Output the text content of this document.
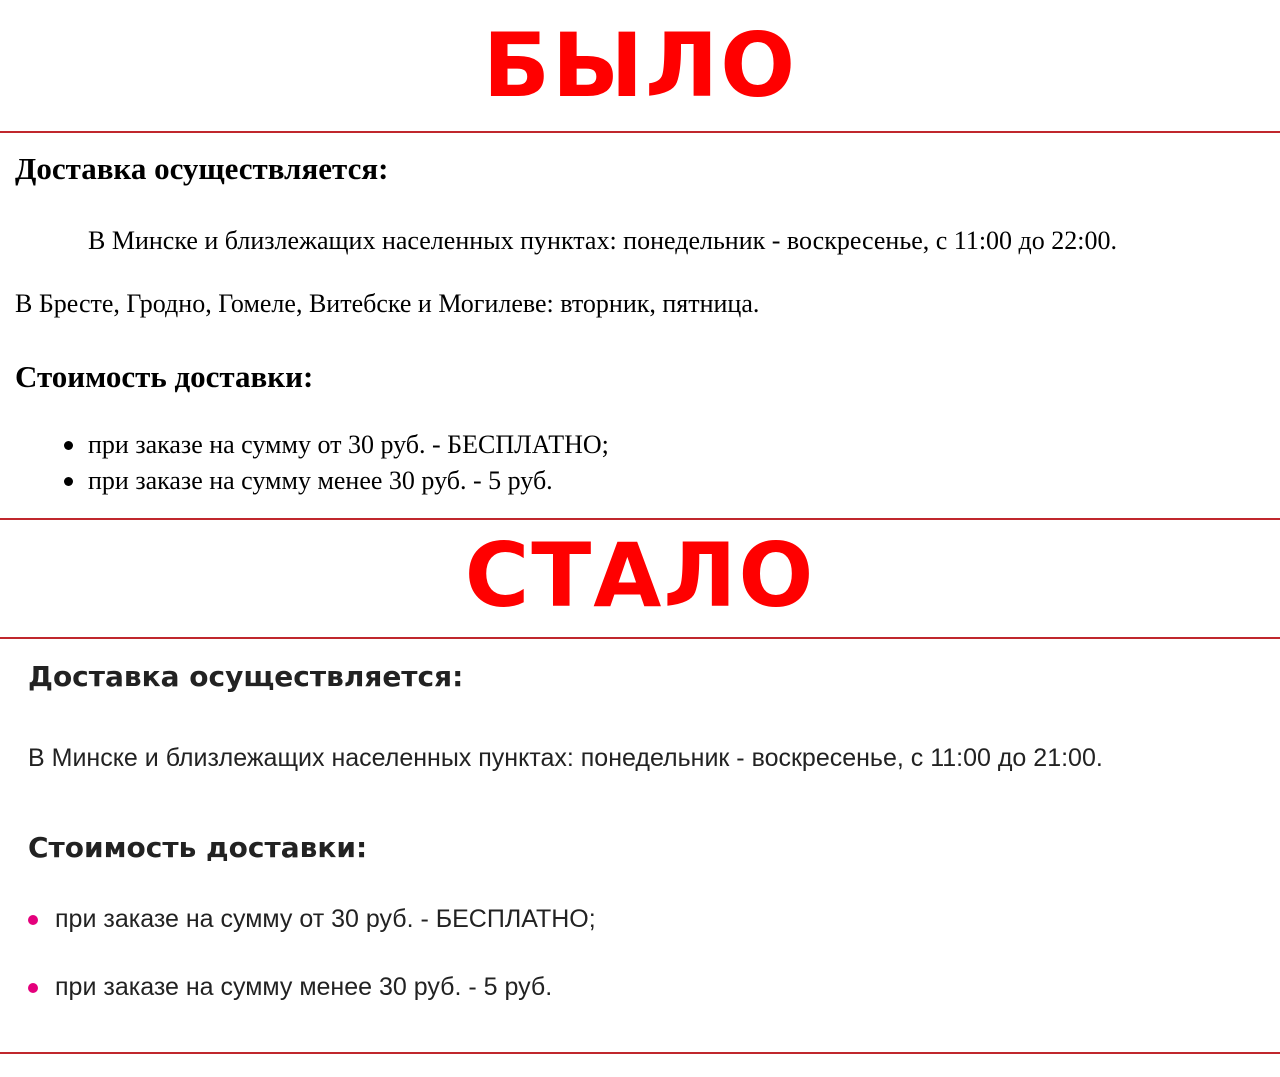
БЫЛО
Доставка осуществляется:
В Минске и близлежащих населенных пунктах: понедельник - воскресенье, с 11:00 до 22:00.
В Бресте, Гродно, Гомеле, Витебске и Могилеве: вторник, пятница.
Стоимость доставки:
при заказе на сумму от 30 руб. - БЕСПЛАТНО;
при заказе на сумму менее 30 руб. - 5 руб.
СТАЛО
Доставка осуществляется:
В Минске и близлежащих населенных пунктах: понедельник - воскресенье, с 11:00 до 21:00.
Стоимость доставки:
при заказе на сумму от 30 руб. - БЕСПЛАТНО;
при заказе на сумму менее 30 руб. - 5 руб.
